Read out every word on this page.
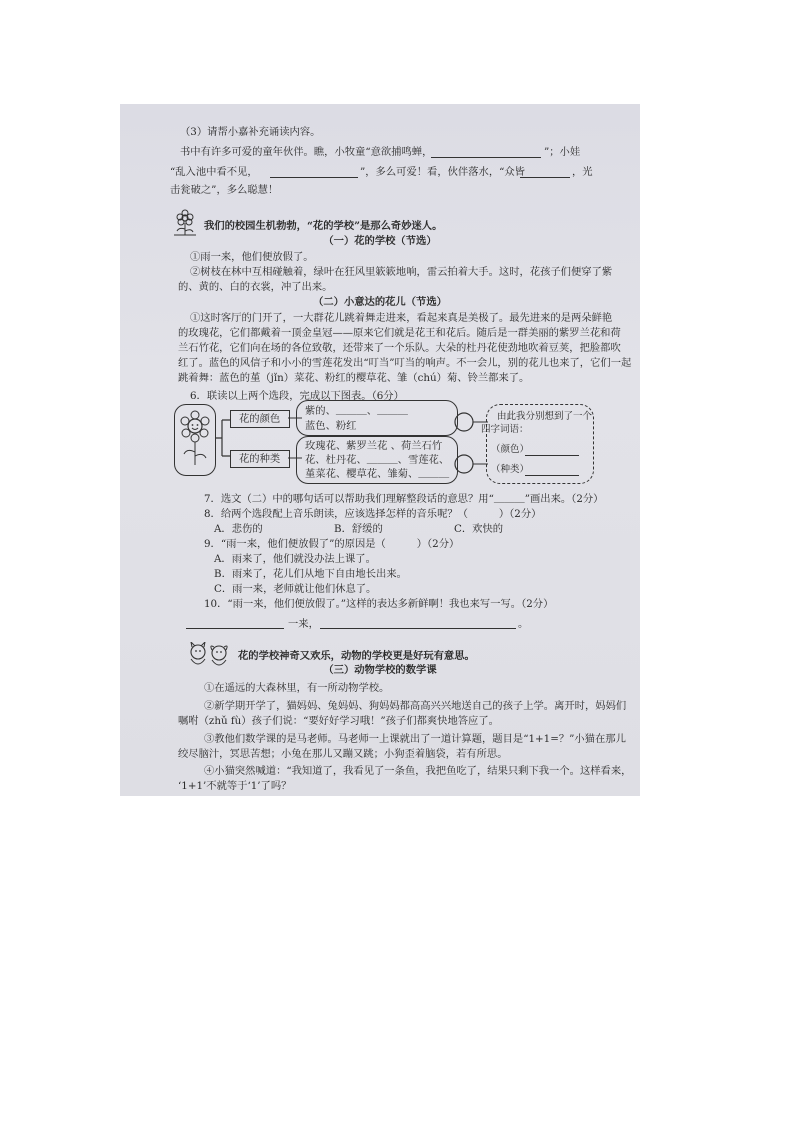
（3）请帮小嘉补充诵读内容。
书中有许多可爱的童年伙伴。瞧，小牧童“意欲捕鸣蝉，	”；小娃
“乱入池中看不见，	”，多么可爱！看，伙伴落水，“众皆	，光
击瓮破之”，多么聪慧！
我们的校园生机勃勃，“花的学校”是那么奇妙迷人。
（一）花的学校（节选）
①雨一来，他们便放假了。
②树枝在林中互相碰触着，绿叶在狂风里簌簌地响，雷云拍着大手。这时，花孩子们便穿了紫
的、黄的、白的衣裳，冲了出来。
（二）小意达的花儿（节选）
①这时客厅的门开了，一大群花儿跳着舞走进来，看起来真是美极了。最先进来的是两朵鲜艳
的玫瑰花，它们都戴着一顶金皇冠——原来它们就是花王和花后。随后是一群美丽的紫罗兰花和荷
兰石竹花，它们向在场的各位致敬，还带来了一个乐队。大朵的杜丹花使劲地吹着豆荚，把脸都吹
红了。蓝色的风信子和小小的雪莲花发出“叮当”叮当的响声。不一会儿，别的花儿也来了，它们一起
跳着舞：蓝色的堇（jǐn）菜花、粉红的樱草花、雏（chú）菊、铃兰都来了。
6．联读以上两个选段，完成以下图表。（6分）
花的颜色
花的种类
紫的、＿＿＿、＿＿＿
蓝色、粉红
玫瑰花、紫罗兰花 、荷兰石竹
花、杜丹花、＿＿＿、雪莲花、
堇菜花、樱草花、雏菊、＿＿＿
由此我分别想到了一个
四字词语：
（颜色）
（种类）
7．选文（二）中的哪句话可以帮助我们理解整段话的意思？用“＿＿＿”画出来。（2分）
8．给两个选段配上音乐朗读，应该选择怎样的音乐呢？（　　　）（2分）
A．悲伤的	B．舒缓的	C．欢快的
9．“雨一来，他们便放假了”的原因是（　　　）（2分）
A．雨来了，他们就没办法上课了。
B．雨来了，花儿们从地下自由地长出来。
C．雨一来，老师就让他们休息了。
10．“雨一来，他们便放假了。”这样的表达多新鲜啊！我也来写一写。（2分）
一来，	。
花的学校神奇又欢乐，动物的学校更是好玩有意思。
（三）动物学校的数学课
①在遥远的大森林里，有一所动物学校。
②新学期开学了，猫妈妈、兔妈妈、狗妈妈都高高兴兴地送自己的孩子上学。离开时，妈妈们
嘱咐（zhǔ fù）孩子们说：“要好好学习哦！”孩子们都爽快地答应了。
③教他们数学课的是马老师。马老师一上课就出了一道计算题，题目是“1+1=？”小猫在那儿
绞尽脑汁，冥思苦想；小兔在那儿又蹦又跳；小狗歪着脑袋，若有所思。
④小猫突然喊道：“我知道了，我看见了一条鱼，我把鱼吃了，结果只剩下我一个。这样看来，
‘1+1’不就等于‘1’了吗？
